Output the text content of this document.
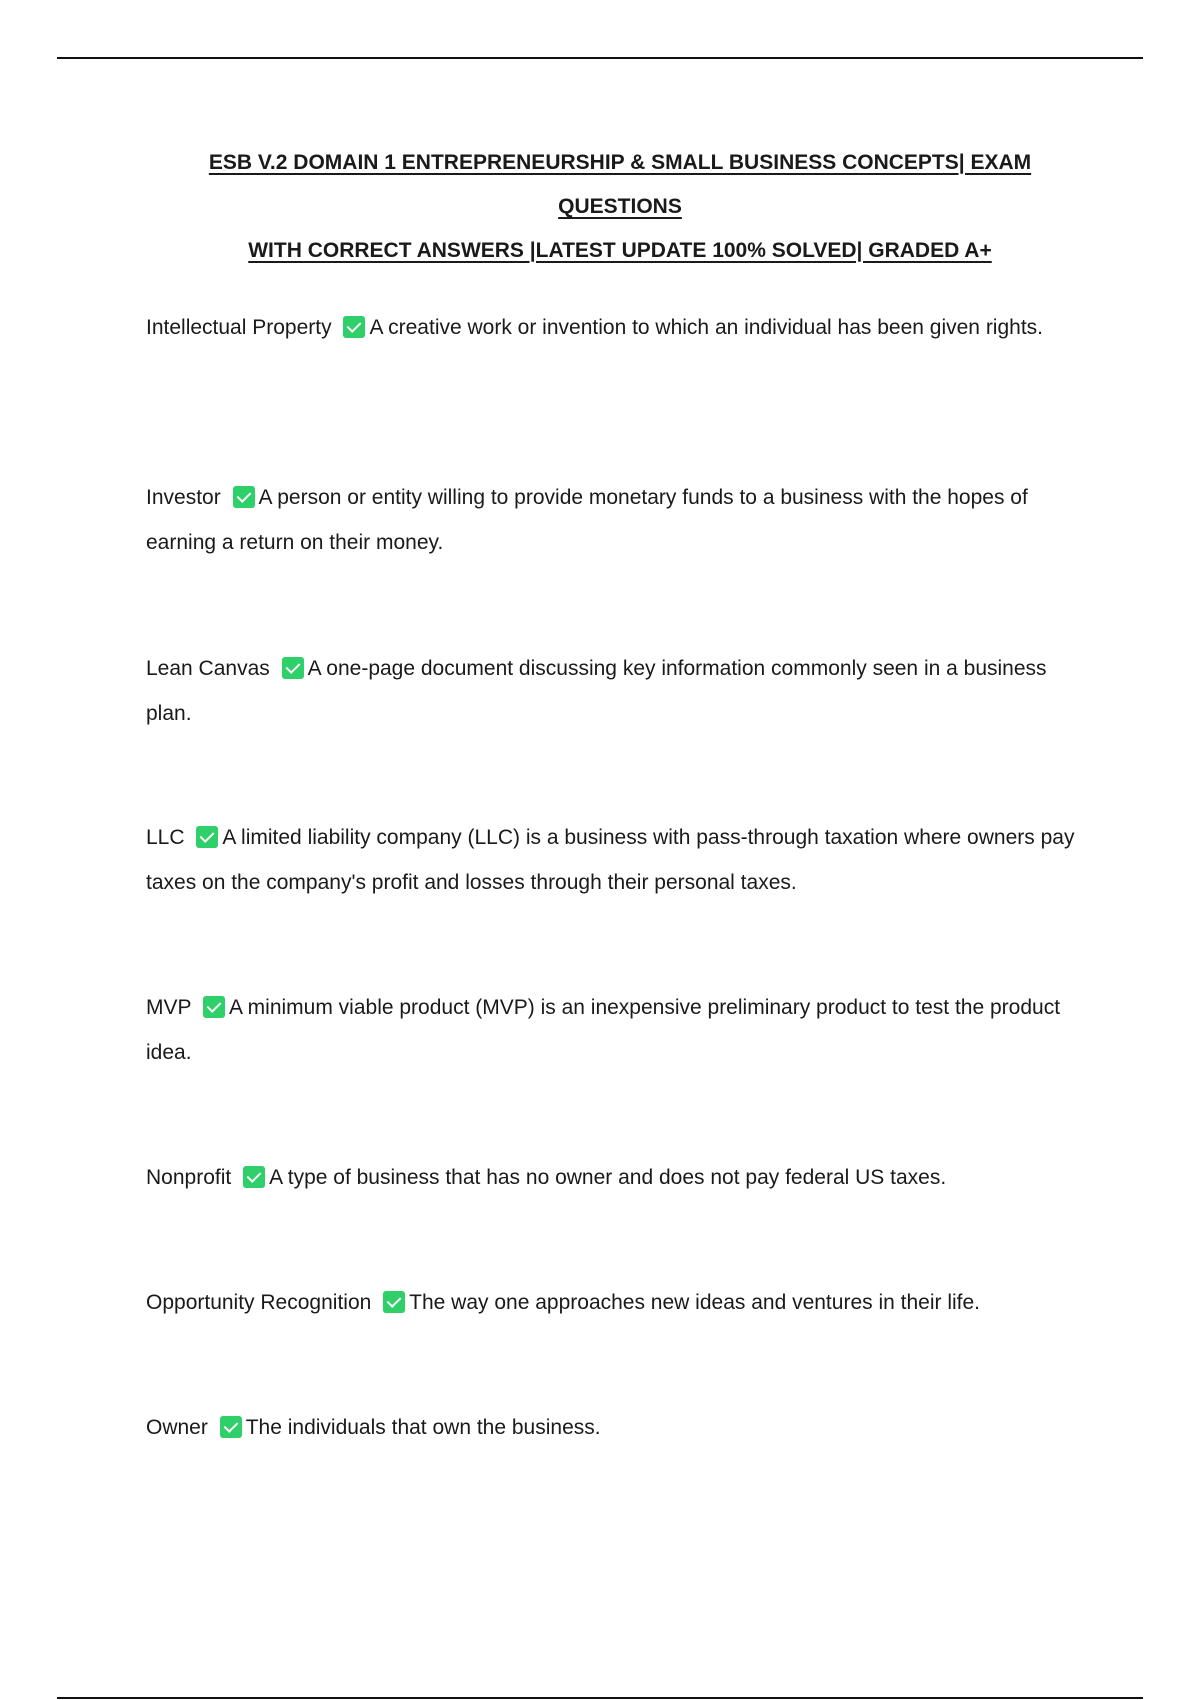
ESB V.2 DOMAIN 1 ENTREPRENEURSHIP & SMALL BUSINESS CONCEPTS| EXAM QUESTIONS
WITH CORRECT ANSWERS |LATEST UPDATE 100% SOLVED| GRADED A+
Intellectual Property A creative work or invention to which an individual has been given rights.
Investor A person or entity willing to provide monetary funds to a business with the hopes of earning a return on their money.
Lean Canvas A one-page document discussing key information commonly seen in a business plan.
LLC A limited liability company (LLC) is a business with pass-through taxation where owners pay taxes on the company's profit and losses through their personal taxes.
MVP A minimum viable product (MVP) is an inexpensive preliminary product to test the product idea.
Nonprofit A type of business that has no owner and does not pay federal US taxes.
Opportunity Recognition The way one approaches new ideas and ventures in their life.
Owner The individuals that own the business.
